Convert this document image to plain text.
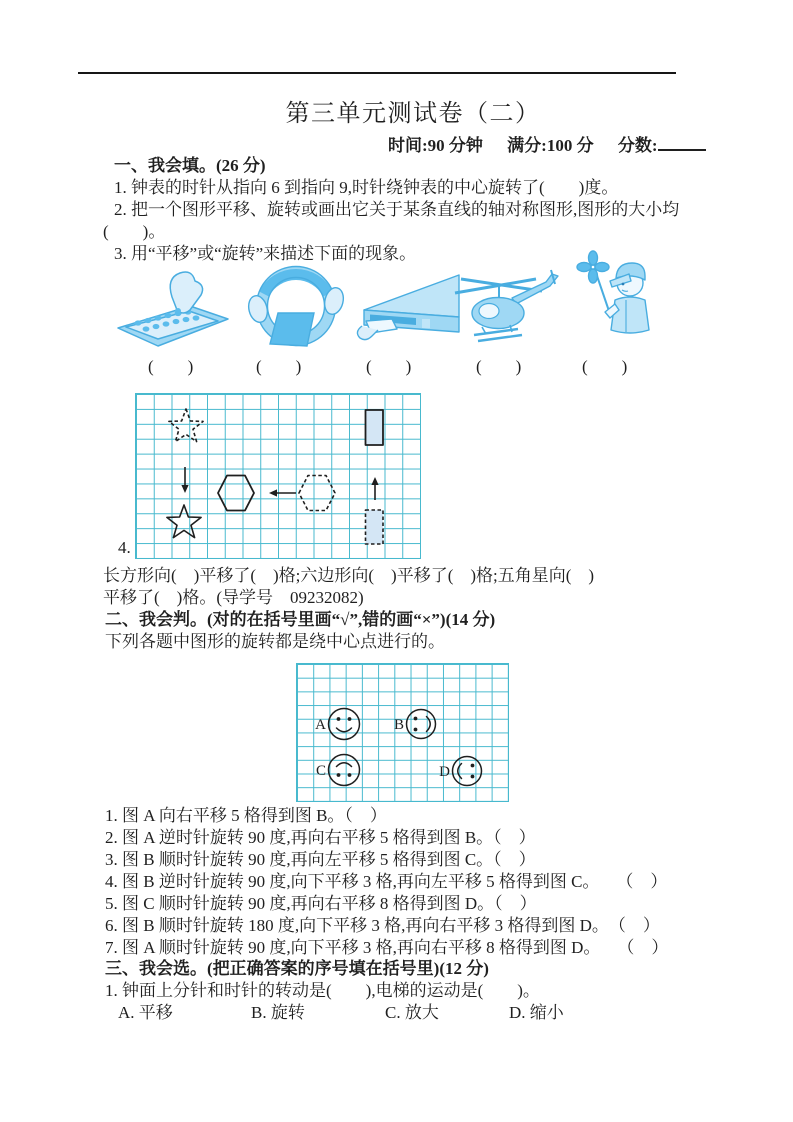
第三单元测试卷（二）
时间:90 分钟 满分:100 分 分数:
一、我会填。(26 分)
1. 钟表的时针从指向 6 到指向 9,时针绕钟表的中心旋转了(　　)度。
2. 把一个图形平移、旋转或画出它关于某条直线的轴对称图形,图形的大小均
(　　)。
3. 用“平移”或“旋转”来描述下面的现象。
(　　)	(　　)	(　　)	(　　)	(　　)
4.
长方形向(　)平移了(　)格;六边形向(　)平移了(　)格;五角星向(　)
平移了(　)格。(导学号　09232082)
二、我会判。(对的在括号里画“√”,错的画“×”)(14 分)
下列各题中图形的旋转都是绕中心点进行的。
A	B
C	D
1. 图 A 向右平移 5 格得到图 B。（　）
2. 图 A 逆时针旋转 90 度,再向右平移 5 格得到图 B。（　）
3. 图 B 顺时针旋转 90 度,再向左平移 5 格得到图 C。（　）
4. 图 B 逆时针旋转 90 度,向下平移 3 格,再向左平移 5 格得到图 C。　　（　）
5. 图 C 顺时针旋转 90 度,再向右平移 8 格得到图 D。（　）
6. 图 B 顺时针旋转 180 度,向下平移 3 格,再向右平移 3 格得到图 D。　（　）
7. 图 A 顺时针旋转 90 度,向下平移 3 格,再向右平移 8 格得到图 D。　　（　）
三、我会选。(把正确答案的序号填在括号里)(12 分)
1. 钟面上分针和时针的转动是(　　),电梯的运动是(　　)。
A. 平移	B. 旋转	C. 放大	D. 缩小
